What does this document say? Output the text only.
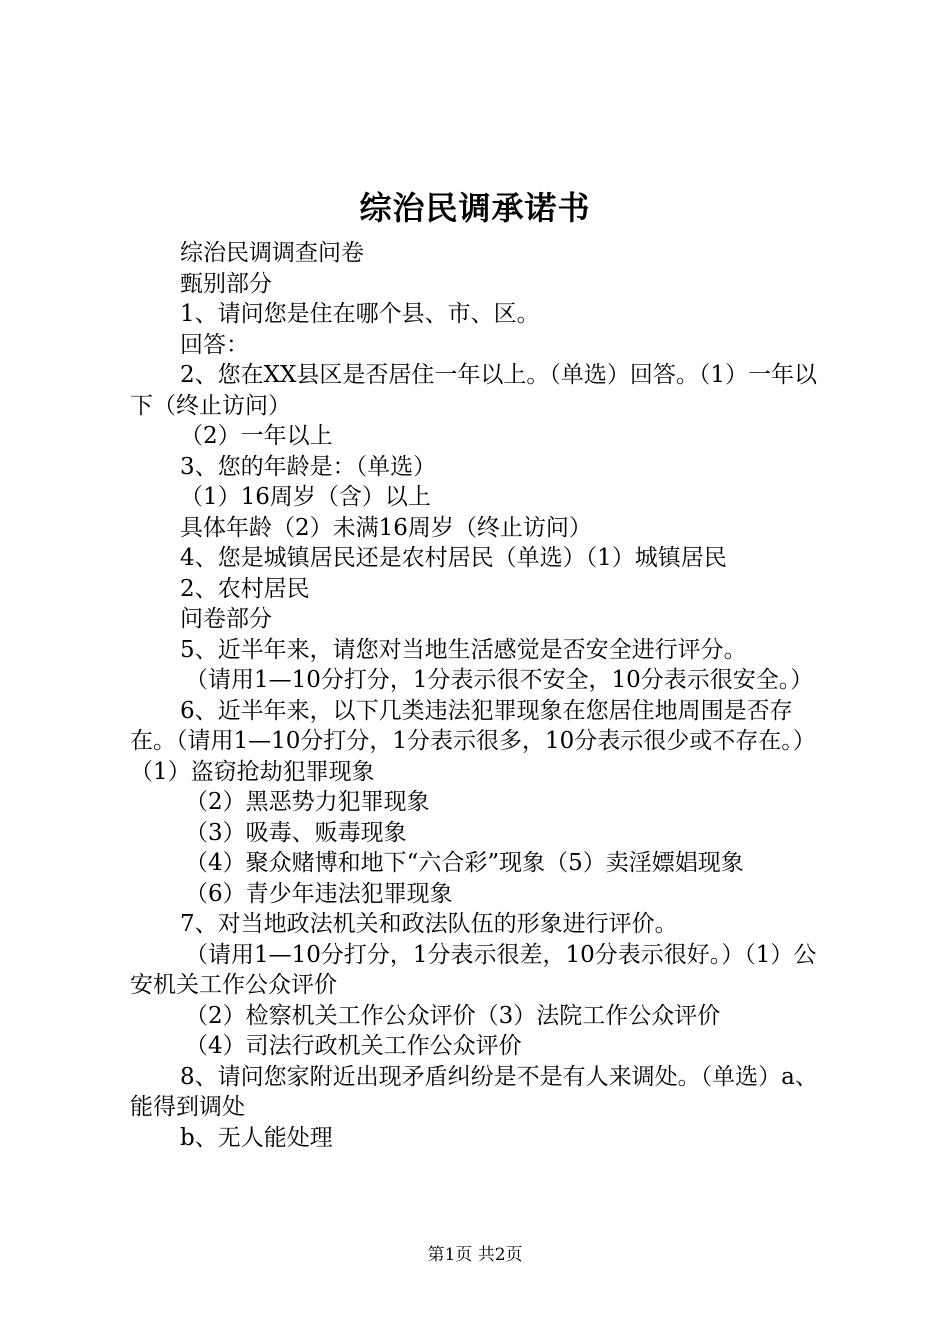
综治民调承诺书

综治民调调查问卷

甄别部分

1、请问您是住在哪个县、市、区。

回答：

2、您在XX县区是否居住一年以上。（单选）回答。（1）一年以下（终止访问）

（2）一年以上

3、您的年龄是：（单选）

（1）16周岁（含）以上

具体年龄（2）未满16周岁（终止访问）

4、您是城镇居民还是农村居民（单选）（1）城镇居民

2、农村居民

问卷部分

5、近半年来，请您对当地生活感觉是否安全进行评分。

（请用1—10分打分，1分表示很不安全，10分表示很安全。）

6、近半年来，以下几类违法犯罪现象在您居住地周围是否存在。（请用1—10分打分，1分表示很多，10分表示很少或不存在。）（1）盗窃抢劫犯罪现象

（2）黑恶势力犯罪现象

（3）吸毒、贩毒现象

（4）聚众赌博和地下“六合彩”现象（5）卖淫嫖娼现象

（6）青少年违法犯罪现象

7、对当地政法机关和政法队伍的形象进行评价。

（请用1—10分打分，1分表示很差，10分表示很好。）（1）公安机关工作公众评价

（2）检察机关工作公众评价（3）法院工作公众评价

（4）司法行政机关工作公众评价

8、请问您家附近出现矛盾纠纷是不是有人来调处。（单选）a、能得到调处

b、无人能处理

第1页 共2页
